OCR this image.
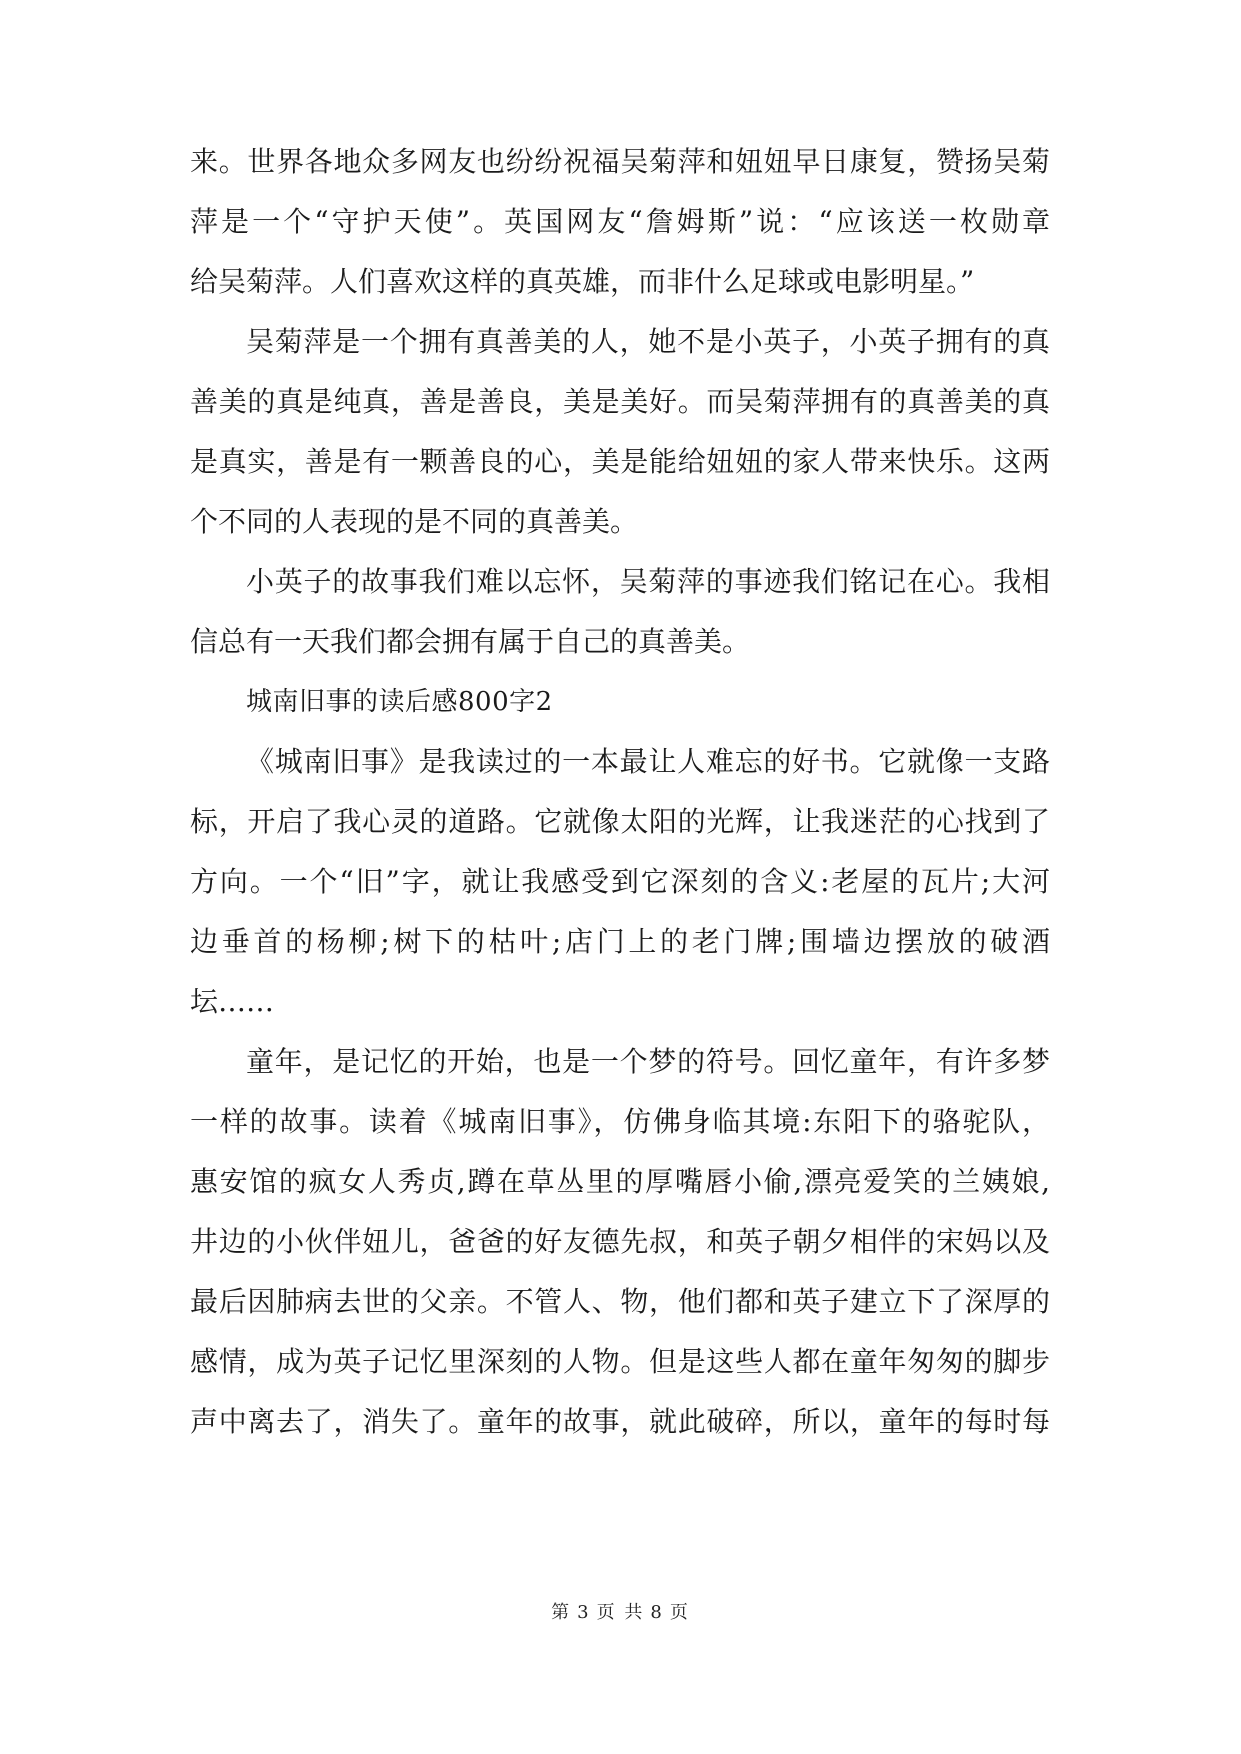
来。世界各地众多网友也纷纷祝福吴菊萍和妞妞早日康复，赞扬吴菊
萍是一个“守护天使”。英国网友“詹姆斯”说：“应该送一枚勋章
给吴菊萍。人们喜欢这样的真英雄，而非什么足球或电影明星。”
吴菊萍是一个拥有真善美的人，她不是小英子，小英子拥有的真
善美的真是纯真，善是善良，美是美好。而吴菊萍拥有的真善美的真
是真实，善是有一颗善良的心，美是能给妞妞的家人带来快乐。这两
个不同的人表现的是不同的真善美。
小英子的故事我们难以忘怀，吴菊萍的事迹我们铭记在心。我相
信总有一天我们都会拥有属于自己的真善美。
城南旧事的读后感800字2
《城南旧事》是我读过的一本最让人难忘的好书。它就像一支路
标，开启了我心灵的道路。它就像太阳的光辉，让我迷茫的心找到了
方向。一个“旧”字，就让我感受到它深刻的含义:老屋的瓦片;大河
边垂首的杨柳;树下的枯叶;店门上的老门牌;围墙边摆放的破酒
坛……
童年，是记忆的开始，也是一个梦的符号。回忆童年，有许多梦
一样的故事。读着《城南旧事》，仿佛身临其境:东阳下的骆驼队，
惠安馆的疯女人秀贞,蹲在草丛里的厚嘴唇小偷,漂亮爱笑的兰姨娘,
井边的小伙伴妞儿，爸爸的好友德先叔，和英子朝夕相伴的宋妈以及
最后因肺病去世的父亲。不管人、物，他们都和英子建立下了深厚的
感情，成为英子记忆里深刻的人物。但是这些人都在童年匆匆的脚步
声中离去了，消失了。童年的故事，就此破碎，所以，童年的每时每
第 3 页 共 8 页
